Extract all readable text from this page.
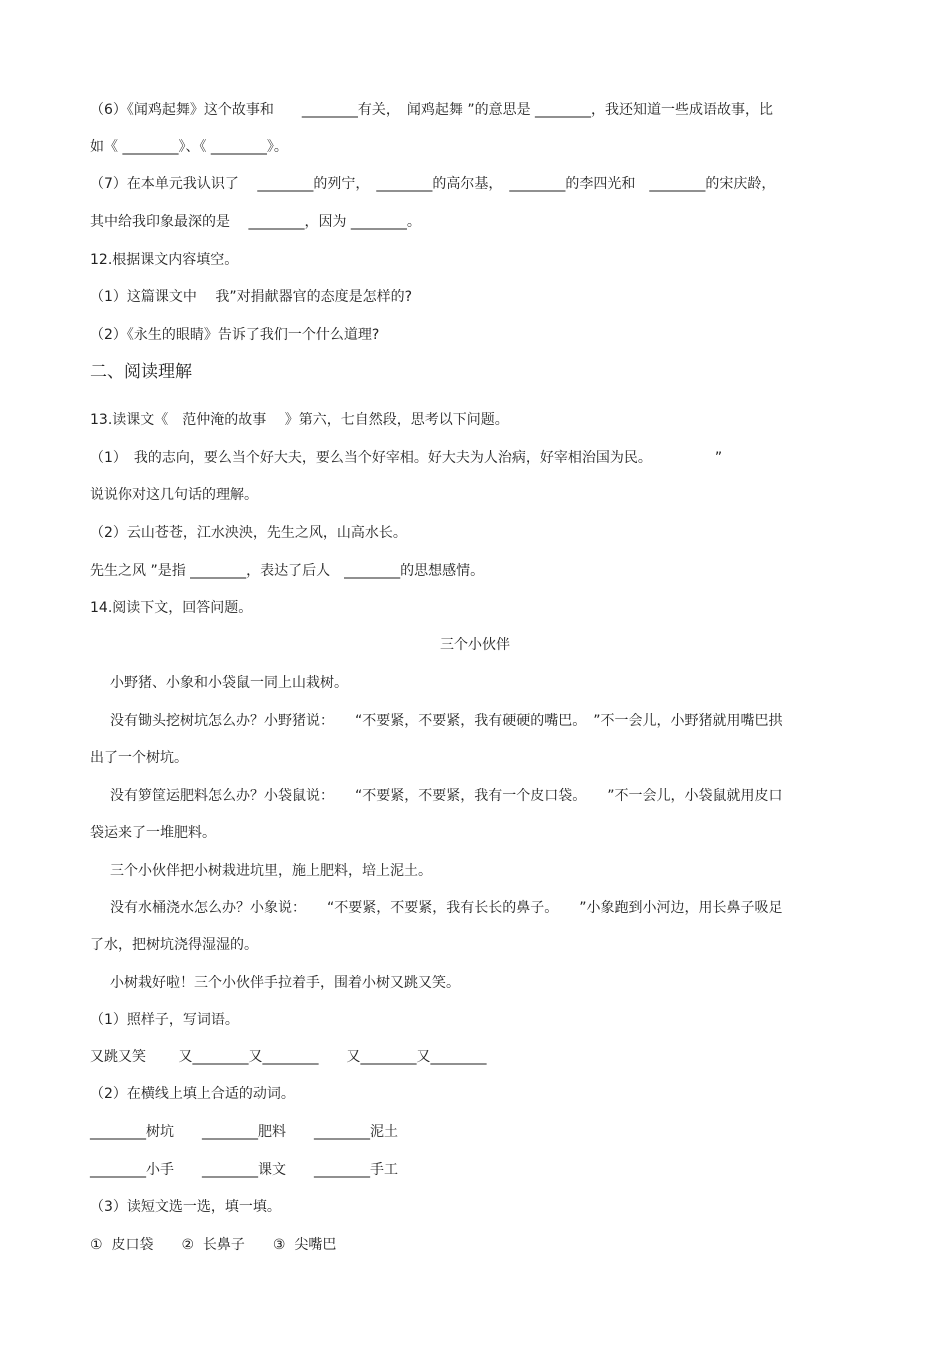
（6）《闻鸡起舞》这个故事和　　________有关，　闻鸡起舞 ”的意思是 ________，我还知道一些成语故事，比
如《 ________》、《 ________》。
（7）在本单元我认识了　 ________的列宁，　________的高尔基，　________的李四光和　________的宋庆龄，
其中给我印象最深的是　 ________，因为 ________。
12.根据课文内容填空。
（1）这篇课文中　 我”对捐献器官的态度是怎样的?
（2）《永生的眼睛》告诉了我们一个什么道理?
二、阅读理解
13.读课文《　范仲淹的故事　 》第六，七自然段，思考以下问题。
（1）　我的志向，要么当个好大夫，要么当个好宰相。好大夫为人治病，好宰相治国为民。　　　　　”
说说你对这几句话的理解。
（2）云山苍苍，江水泱泱，先生之风，山高水长。
先生之风 ”是指 ________，表达了后人　________的思想感情。
14.阅读下文，回答问题。
三个小伙伴
小野猪、小象和小袋鼠一同上山栽树。
没有锄头挖树坑怎么办？小野猪说：　　“不要紧，不要紧，我有硬硬的嘴巴。　”不一会儿，小野猪就用嘴巴拱
出了一个树坑。
没有箩筐运肥料怎么办？小袋鼠说：　　“不要紧，不要紧，我有一个皮口袋。　　”不一会儿，小袋鼠就用皮口
袋运来了一堆肥料。
三个小伙伴把小树栽进坑里，施上肥料，培上泥土。
没有水桶浇水怎么办？小象说：　　“不要紧，不要紧，我有长长的鼻子。　　”小象跑到小河边，用长鼻子吸足
了水，把树坑浇得湿湿的。
小树栽好啦！三个小伙伴手拉着手，围着小树又跳又笑。
（1）照样子，写词语。
又跳又笑　　 又________又________　　又________又________
（2）在横线上填上合适的动词。
________树坑　　________肥料　　________泥土
________小手　　________课文　　________手工
（3）读短文选一选，填一填。
①  皮口袋　　②  长鼻子　　③  尖嘴巴
